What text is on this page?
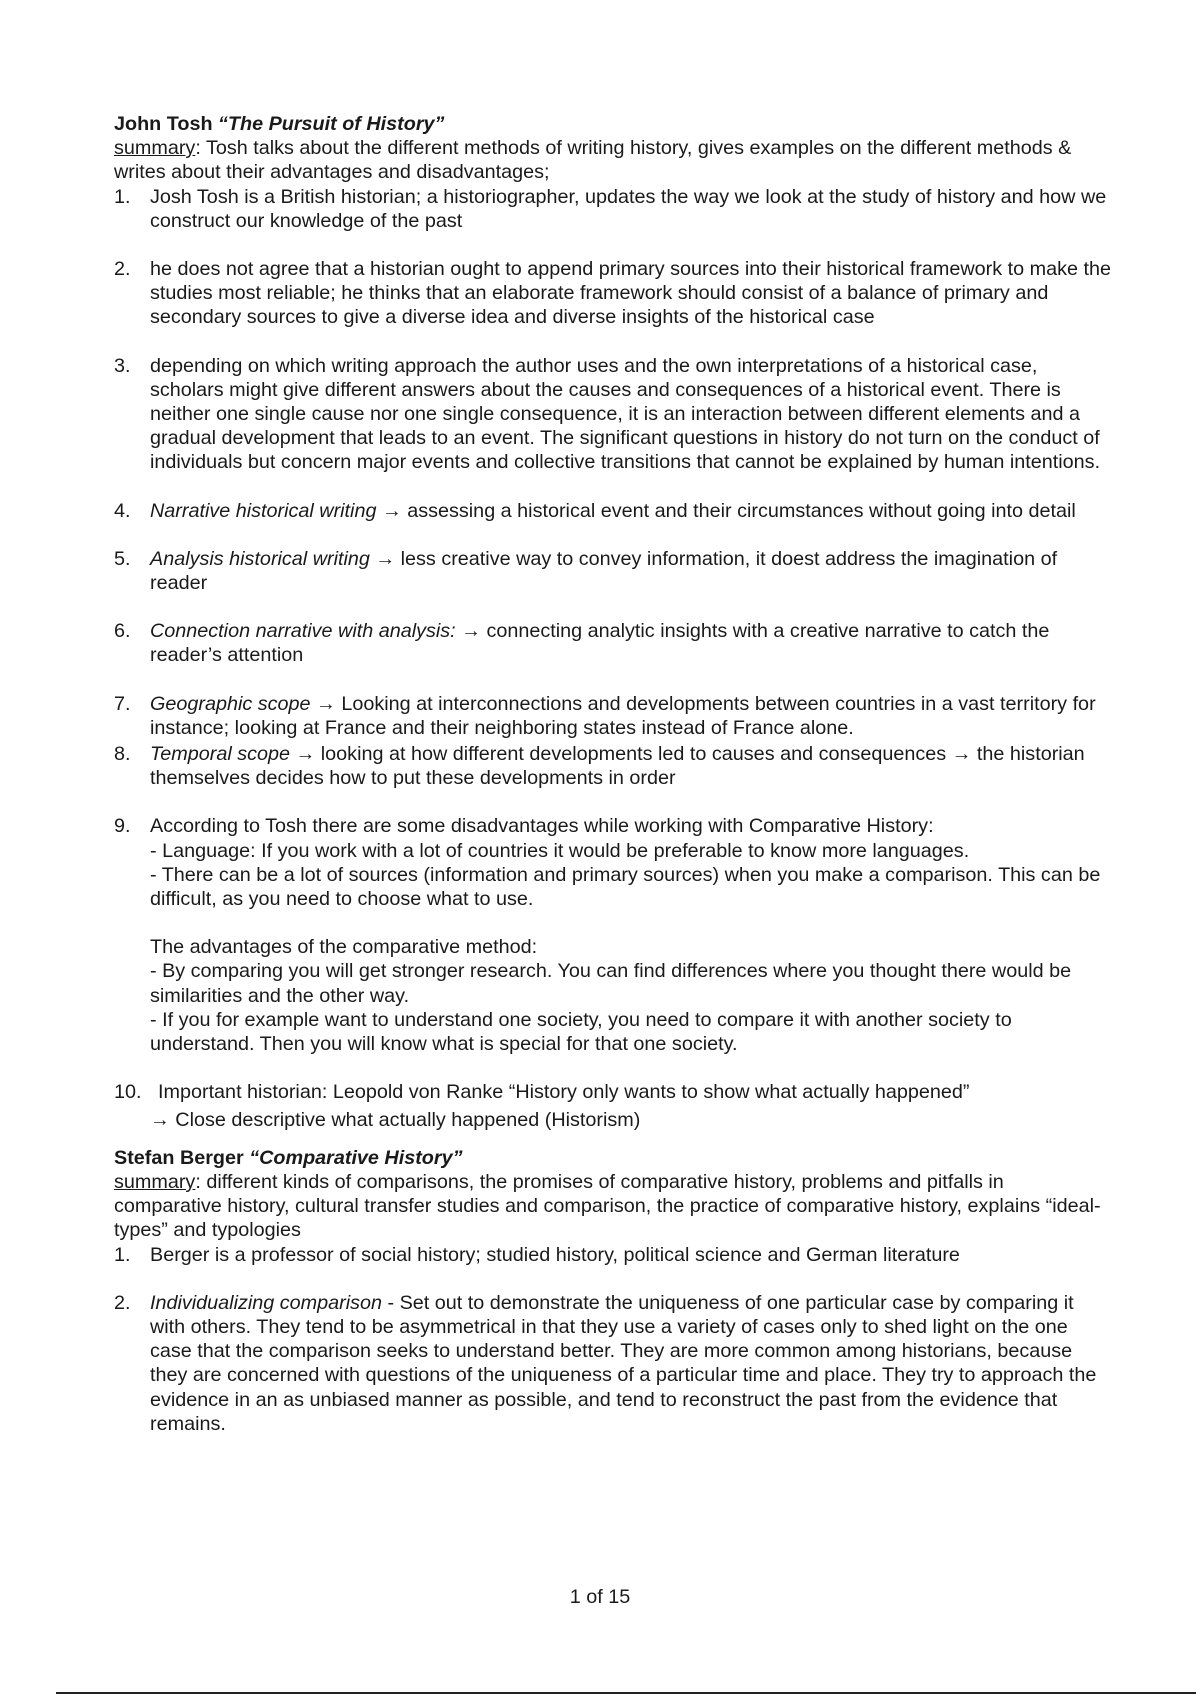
John Tosh “The Pursuit of History”
summary: Tosh talks about the different methods of writing history, gives examples on the different methods & writes about their advantages and disadvantages;
1. Josh Tosh is a British historian; a historiographer, updates the way we look at the study of history and how we construct our knowledge of the past
2. he does not agree that a historian ought to append primary sources into their historical framework to make the studies most reliable; he thinks that an elaborate framework should consist of a balance of primary and secondary sources to give a diverse idea and diverse insights of the historical case
3. depending on which writing approach the author uses and the own interpretations of a historical case, scholars might give different answers about the causes and consequences of a historical event. There is neither one single cause nor one single consequence, it is an interaction between different elements and a gradual development that leads to an event. The significant questions in history do not turn on the conduct of individuals but concern major events and collective transitions that cannot be explained by human intentions.
4. Narrative historical writing → assessing a historical event and their circumstances without going into detail
5. Analysis historical writing → less creative way to convey information, it doest address the imagination of reader
6. Connection narrative with analysis: → connecting analytic insights with a creative narrative to catch the reader’s attention
7. Geographic scope → Looking at interconnections and developments between countries in a vast territory for instance; looking at France and their neighboring states instead of France alone.
8. Temporal scope → looking at how different developments led to causes and consequences → the historian themselves decides how to put these developments in order
9. According to Tosh there are some disadvantages while working with Comparative History:
- Language: If you work with a lot of countries it would be preferable to know more languages.
- There can be a lot of sources (information and primary sources) when you make a comparison. This can be difficult, as you need to choose what to use.
The advantages of the comparative method:
- By comparing you will get stronger research. You can find differences where you thought there would be similarities and the other way.
- If you for example want to understand one society, you need to compare it with another society to understand. Then you will know what is special for that one society.
10. Important historian: Leopold von Ranke “History only wants to show what actually happened”
→ Close descriptive what actually happened (Historism)
Stefan Berger “Comparative History”
summary: different kinds of comparisons, the promises of comparative history, problems and pitfalls in comparative history, cultural transfer studies and comparison, the practice of comparative history, explains “ideal-types” and typologies
1. Berger is a professor of social history; studied history, political science and German literature
2. Individualizing comparison - Set out to demonstrate the uniqueness of one particular case by comparing it with others. They tend to be asymmetrical in that they use a variety of cases only to shed light on the one case that the comparison seeks to understand better. They are more common among historians, because they are concerned with questions of the uniqueness of a particular time and place. They try to approach the evidence in an as unbiased manner as possible, and tend to reconstruct the past from the evidence that remains.
1 of 15
